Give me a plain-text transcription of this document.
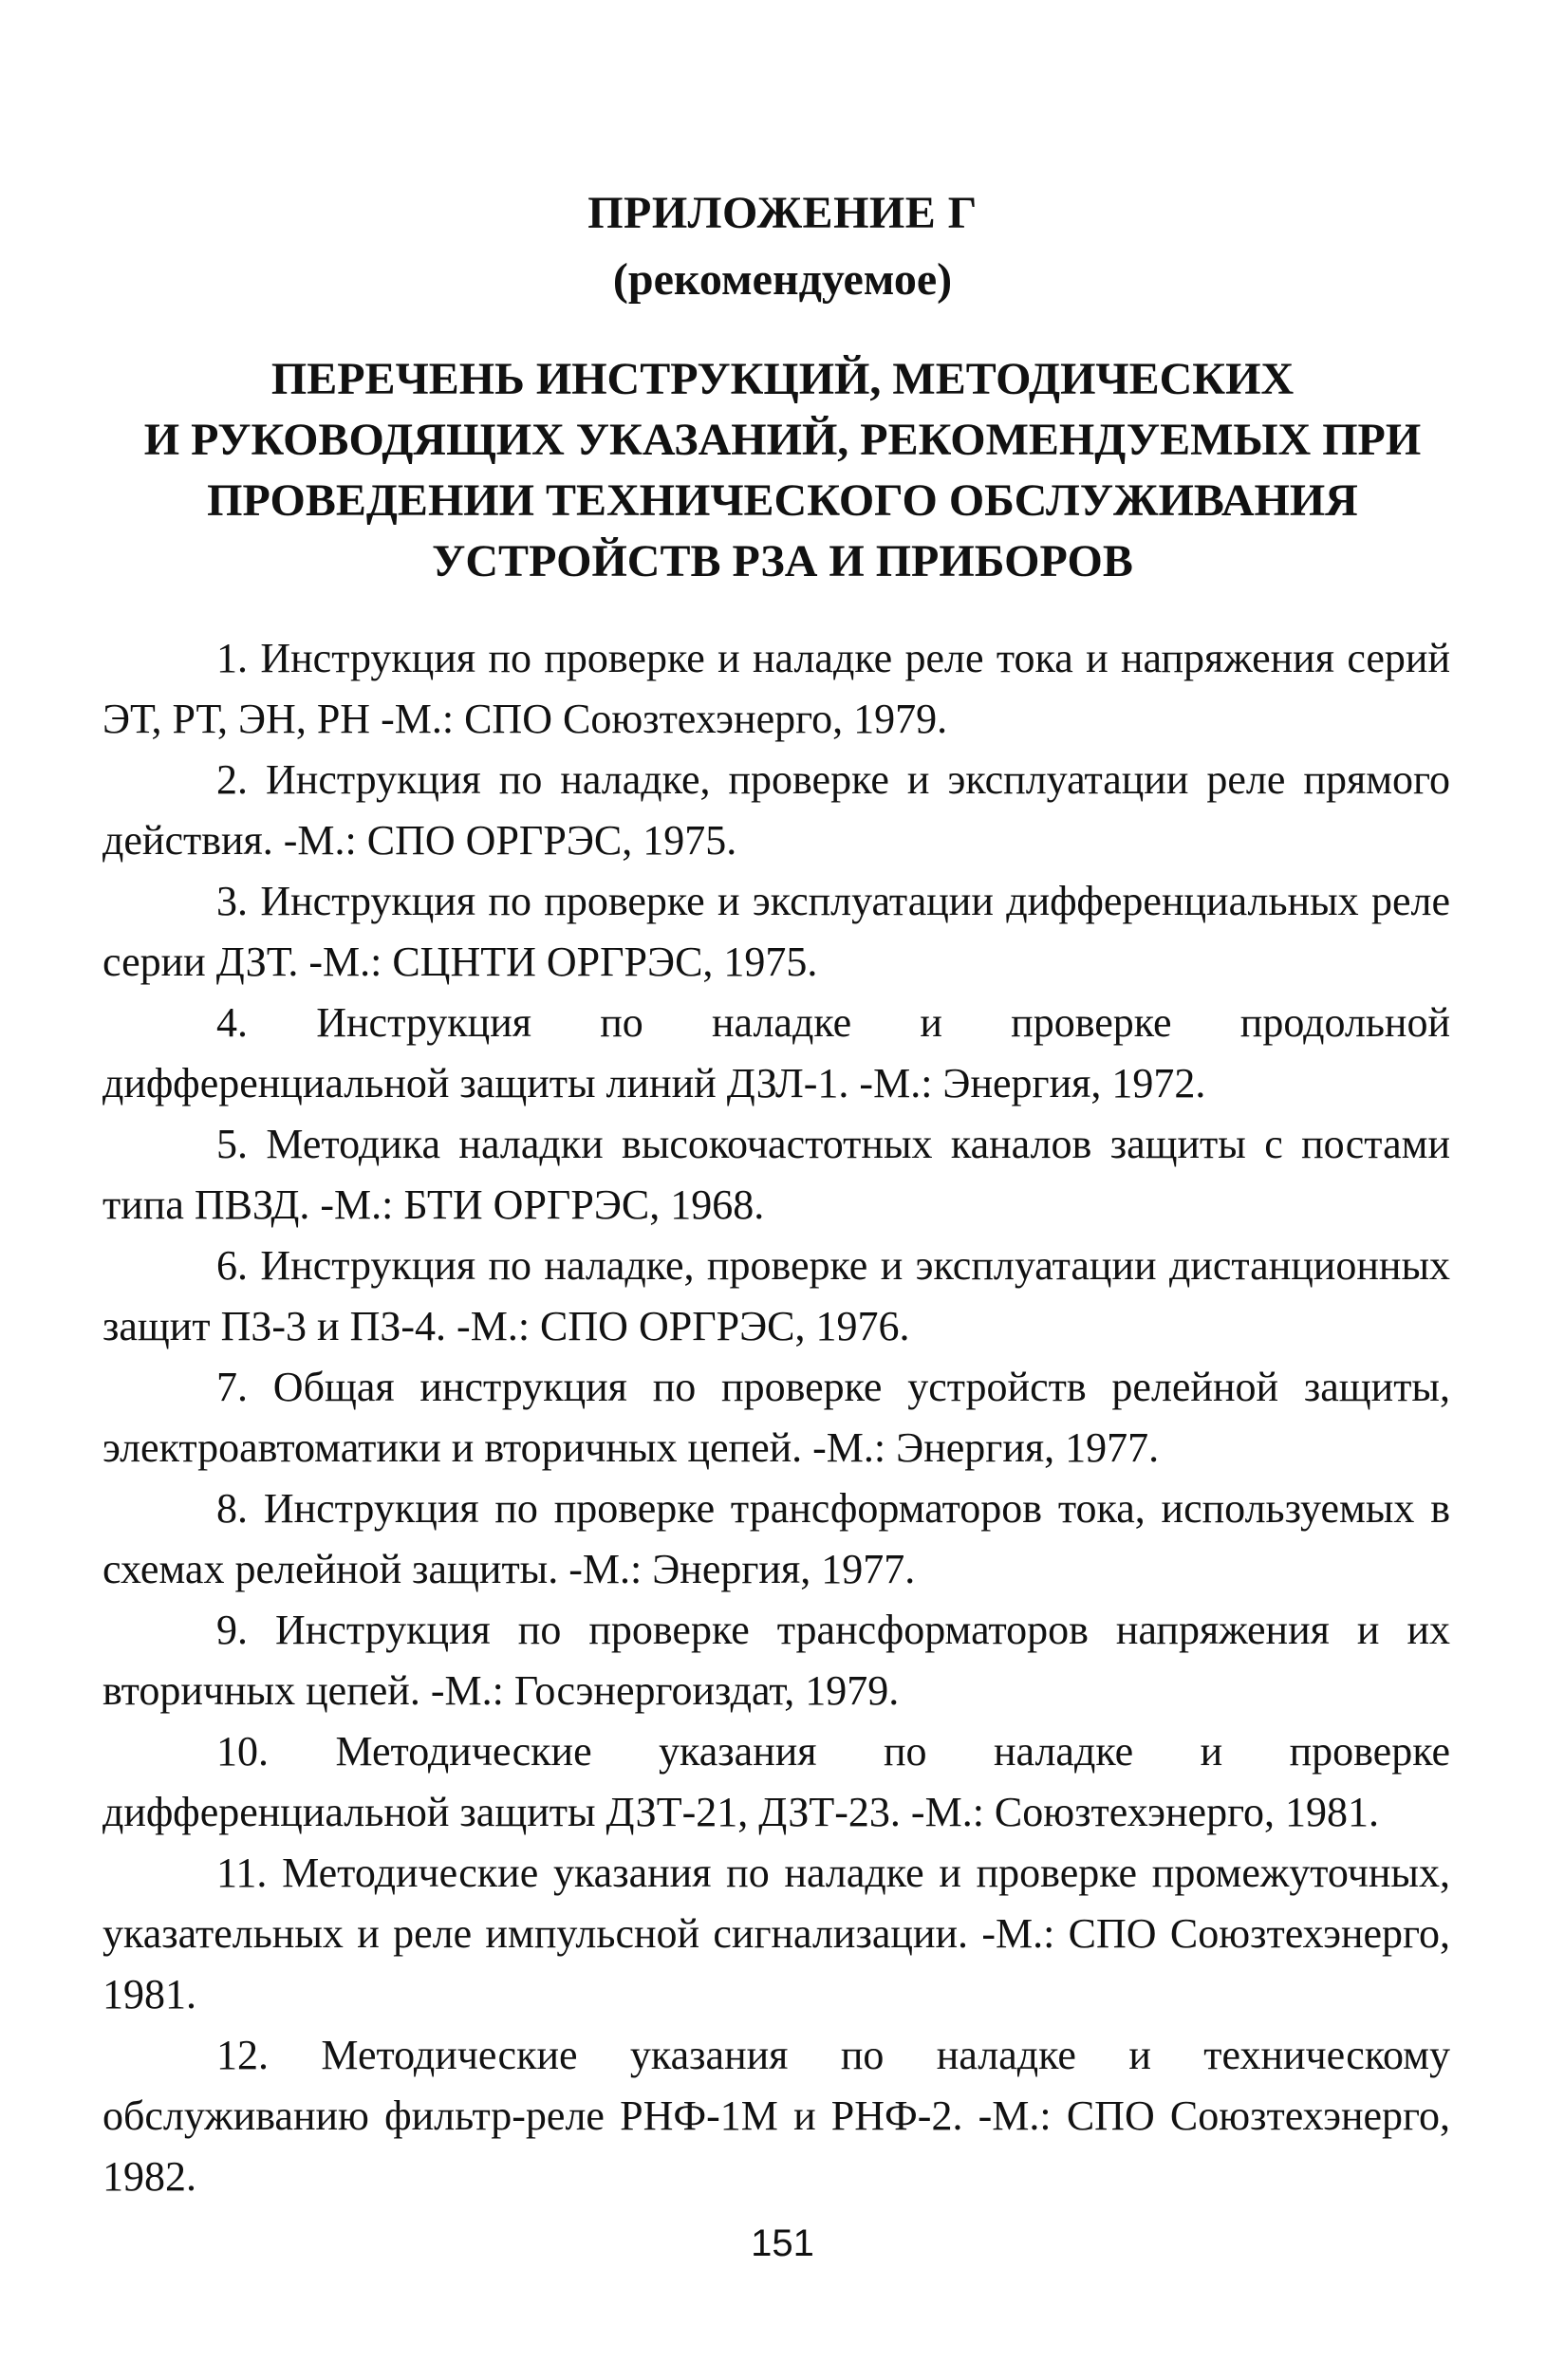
ПРИЛОЖЕНИЕ Г
(рекомендуемое)
ПЕРЕЧЕНЬ ИНСТРУКЦИЙ, МЕТОДИЧЕСКИХ
И РУКОВОДЯЩИХ УКАЗАНИЙ, РЕКОМЕНДУЕМЫХ ПРИ
ПРОВЕДЕНИИ ТЕХНИЧЕСКОГО ОБСЛУЖИВАНИЯ
УСТРОЙСТВ РЗА И ПРИБОРОВ

1. Инструкция по проверке и наладке реле тока и напряжения серий ЭТ, РТ, ЭН, РН -М.: СПО Союзтехэнерго, 1979.

2. Инструкция по наладке, проверке и эксплуатации реле прямого действия. -М.: СПО ОРГРЭС, 1975.

3. Инструкция по проверке и эксплуатации дифференциальных реле серии ДЗТ. -М.: СЦНТИ ОРГРЭС, 1975.

4. Инструкция по наладке и проверке продольной дифференциальной защиты линий ДЗЛ-1. -М.: Энергия, 1972.

5. Методика наладки высокочастотных каналов защиты с постами типа ПВЗД. -М.: БТИ ОРГРЭС, 1968.

6. Инструкция по наладке, проверке и эксплуатации дистанционных защит ПЗ-3 и ПЗ-4. -М.: СПО ОРГРЭС, 1976.

7. Общая инструкция по проверке устройств релейной защиты, электроавтоматики и вторичных цепей. -М.: Энергия, 1977.

8. Инструкция по проверке трансформаторов тока, используемых в схемах релейной защиты. -М.: Энергия, 1977.

9. Инструкция по проверке трансформаторов напряжения и их вторичных цепей. -М.: Госэнергоиздат, 1979.

10. Методические указания по наладке и проверке дифференциальной защиты ДЗТ-21, ДЗТ-23. -М.: Союзтехэнерго, 1981.

11. Методические указания по наладке и проверке промежуточных, указательных и реле импульсной сигнализации. -М.: СПО Союзтехэнерго, 1981.

12. Методические указания по наладке и техническому обслуживанию фильтр-реле РНФ-1М и РНФ-2. -М.: СПО Союзтехэнерго, 1982.

151
